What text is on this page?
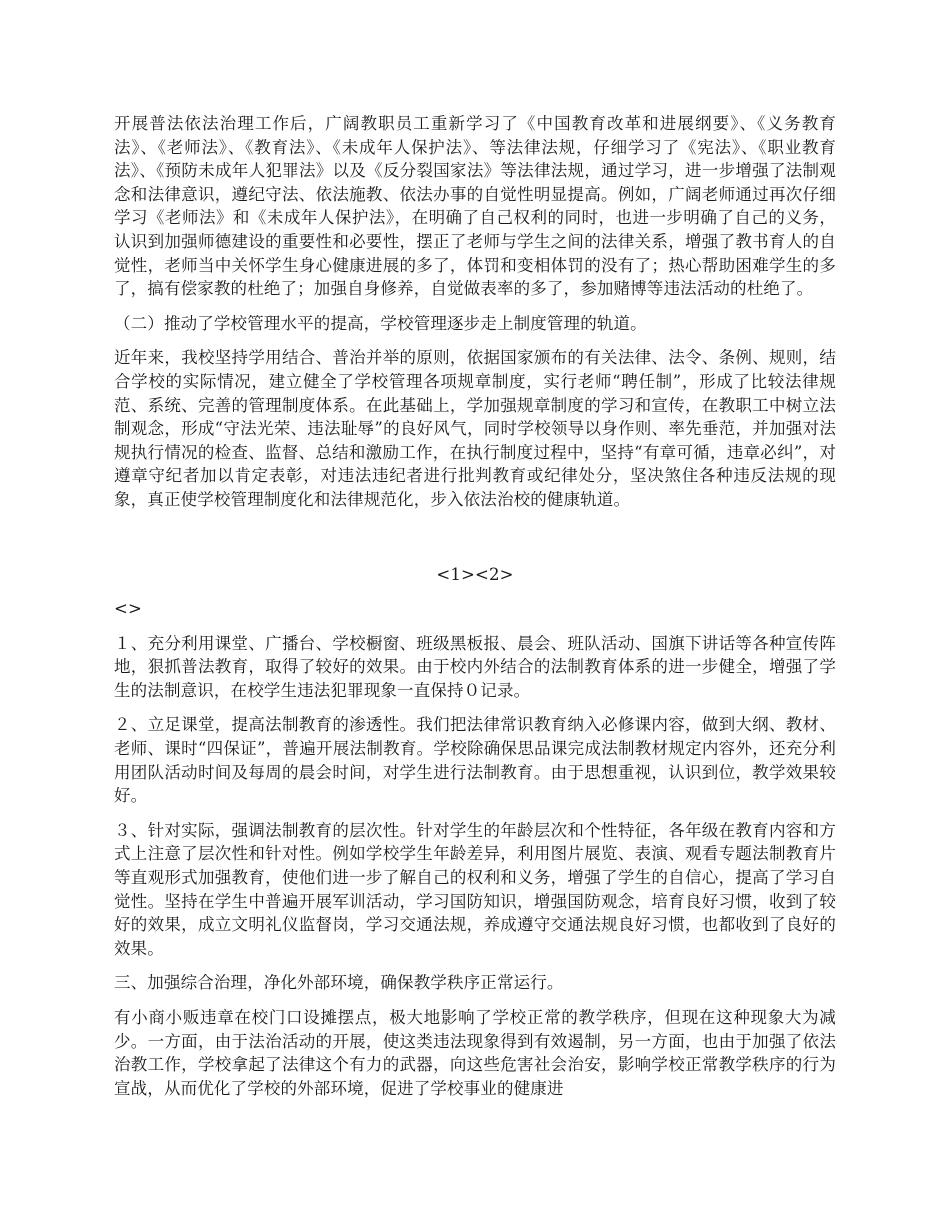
开展普法依法治理工作后，广阔教职员工重新学习了《中国教育改革和进展纲要》、《义务教育法》、《老师法》、《教育法》、《未成年人保护法》、等法律法规，仔细学习了《宪法》、《职业教育法》、《预防未成年人犯罪法》以及《反分裂国家法》等法律法规，通过学习，进一步增强了法制观念和法律意识，遵纪守法、依法施教、依法办事的自觉性明显提高。例如，广阔老师通过再次仔细学习《老师法》和《未成年人保护法》，在明确了自己权利的同时，也进一步明确了自己的义务，认识到加强师德建设的重要性和必要性，摆正了老师与学生之间的法律关系，增强了教书育人的自觉性，老师当中关怀学生身心健康进展的多了，体罚和变相体罚的没有了；热心帮助困难学生的多了，搞有偿家教的杜绝了；加强自身修养，自觉做表率的多了，参加赌博等违法活动的杜绝了。

（二）推动了学校管理水平的提高，学校管理逐步走上制度管理的轨道。

近年来，我校坚持学用结合、普治并举的原则，依据国家颁布的有关法律、法令、条例、规则，结合学校的实际情况，建立健全了学校管理各项规章制度，实行老师“聘任制”，形成了比较法律规范、系统、完善的管理制度体系。在此基础上，学加强规章制度的学习和宣传，在教职工中树立法制观念，形成“守法光荣、违法耻辱”的良好风气，同时学校领导以身作则、率先垂范，并加强对法规执行情况的检查、监督、总结和激励工作，在执行制度过程中，坚持“有章可循，违章必纠”，对遵章守纪者加以肯定表彰，对违法违纪者进行批判教育或纪律处分，坚决煞住各种违反法规的现象，真正使学校管理制度化和法律规范化，步入依法治校的健康轨道。

<1><2>

<>

１、充分利用课堂、广播台、学校橱窗、班级黑板报、晨会、班队活动、国旗下讲话等各种宣传阵地，狠抓普法教育，取得了较好的效果。由于校内外结合的法制教育体系的进一步健全，增强了学生的法制意识，在校学生违法犯罪现象一直保持０记录。

２、立足课堂，提高法制教育的渗透性。我们把法律常识教育纳入必修课内容，做到大纲、教材、老师、课时“四保证”，普遍开展法制教育。学校除确保思品课完成法制教材规定内容外，还充分利用团队活动时间及每周的晨会时间，对学生进行法制教育。由于思想重视，认识到位，教学效果较好。

３、针对实际，强调法制教育的层次性。针对学生的年龄层次和个性特征，各年级在教育内容和方式上注意了层次性和针对性。例如学校学生年龄差异，利用图片展览、表演、观看专题法制教育片等直观形式加强教育，使他们进一步了解自己的权利和义务，增强了学生的自信心，提高了学习自觉性。坚持在学生中普遍开展军训活动，学习国防知识，增强国防观念，培育良好习惯，收到了较好的效果，成立文明礼仪监督岗，学习交通法规，养成遵守交通法规良好习惯，也都收到了良好的效果。

三、加强综合治理，净化外部环境，确保教学秩序正常运行。

有小商小贩违章在校门口设摊摆点，极大地影响了学校正常的教学秩序，但现在这种现象大为减少。一方面，由于法治活动的开展，使这类违法现象得到有效遏制，另一方面，也由于加强了依法治教工作，学校拿起了法律这个有力的武器，向这些危害社会治安，影响学校正常教学秩序的行为宣战，从而优化了学校的外部环境，促进了学校事业的健康进
